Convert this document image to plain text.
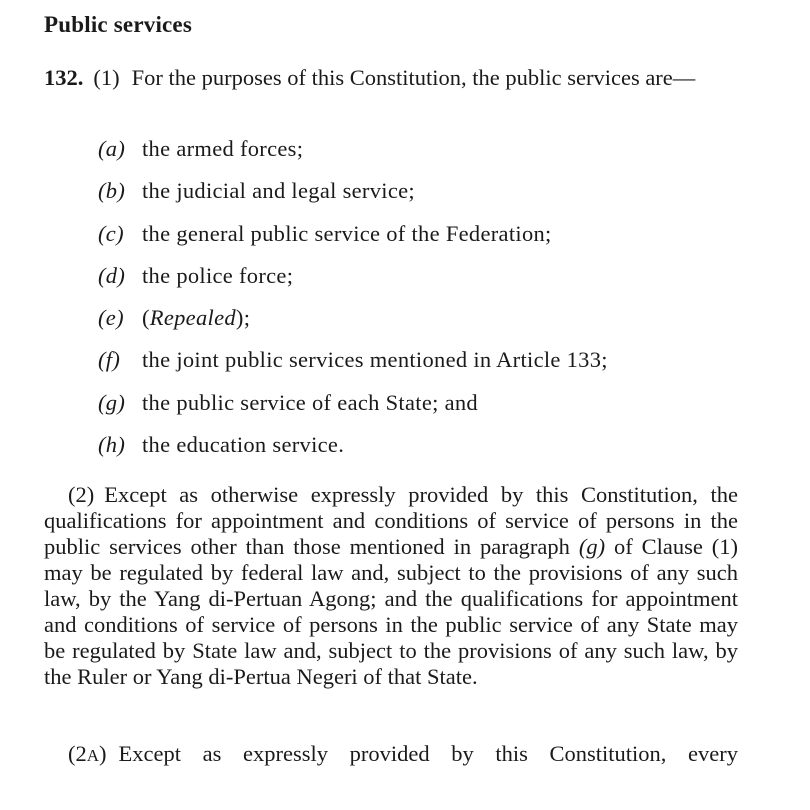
Public services
132. (1) For the purposes of this Constitution, the public services are—
(a) the armed forces;
(b) the judicial and legal service;
(c) the general public service of the Federation;
(d) the police force;
(e) (Repealed);
(f) the joint public services mentioned in Article 133;
(g) the public service of each State; and
(h) the education service.
(2) Except as otherwise expressly provided by this Constitution, the qualifications for appointment and conditions of service of persons in the public services other than those mentioned in paragraph (g) of Clause (1) may be regulated by federal law and, subject to the provisions of any such law, by the Yang di-Pertuan Agong; and the qualifications for appointment and conditions of service of persons in the public service of any State may be regulated by State law and, subject to the provisions of any such law, by the Ruler or Yang di-Pertua Negeri of that State.
(2A) Except as expressly provided by this Constitution, every
